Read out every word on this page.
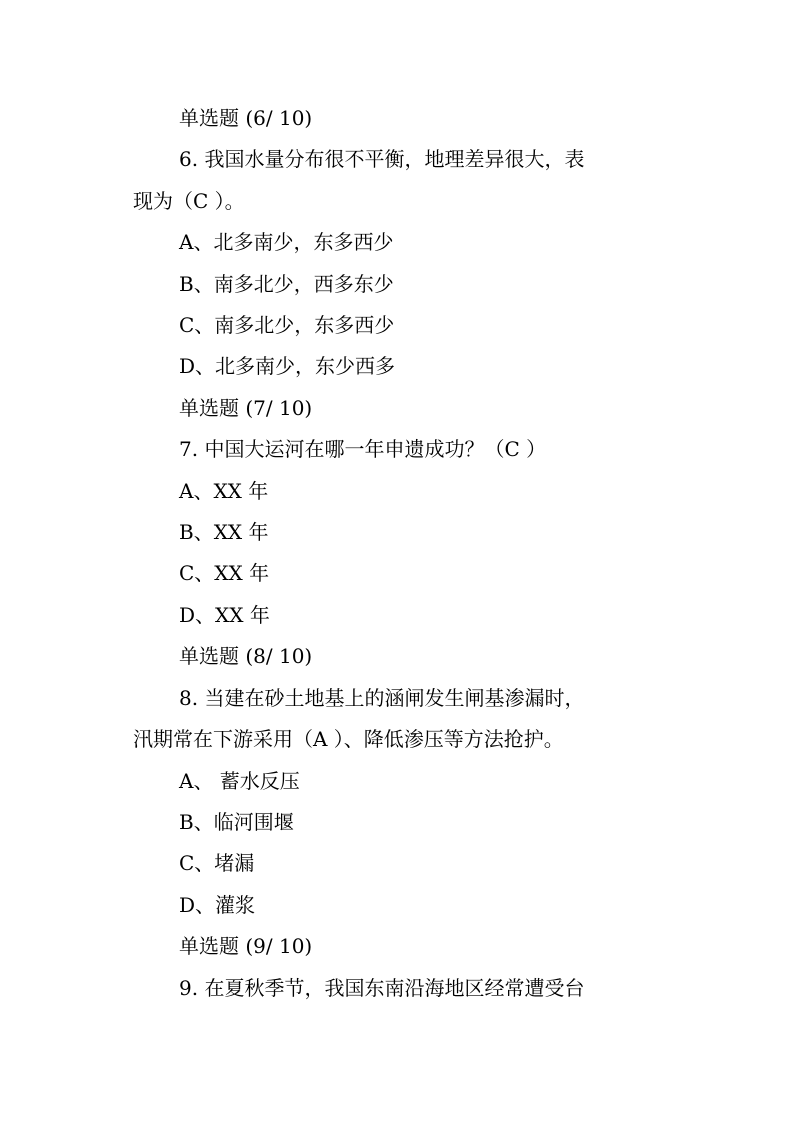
单选题 (6/ 10)
6. 我国水量分布很不平衡，地理差异很大，表
现为（C ）。
A、北多南少，东多西少
B、南多北少，西多东少
C、南多北少，东多西少
D、北多南少，东少西多
单选题 (7/ 10)
7. 中国大运河在哪一年申遗成功？（C ）
A、XX 年
B、XX 年
C、XX 年
D、XX 年
单选题 (8/ 10)
8. 当建在砂土地基上的涵闸发生闸基渗漏时，
汛期常在下游采用（A ）、降低渗压等方法抢护。
A、 蓄水反压
B、临河围堰
C、堵漏
D、灌浆
单选题 (9/ 10)
9. 在夏秋季节，我国东南沿海地区经常遭受台
